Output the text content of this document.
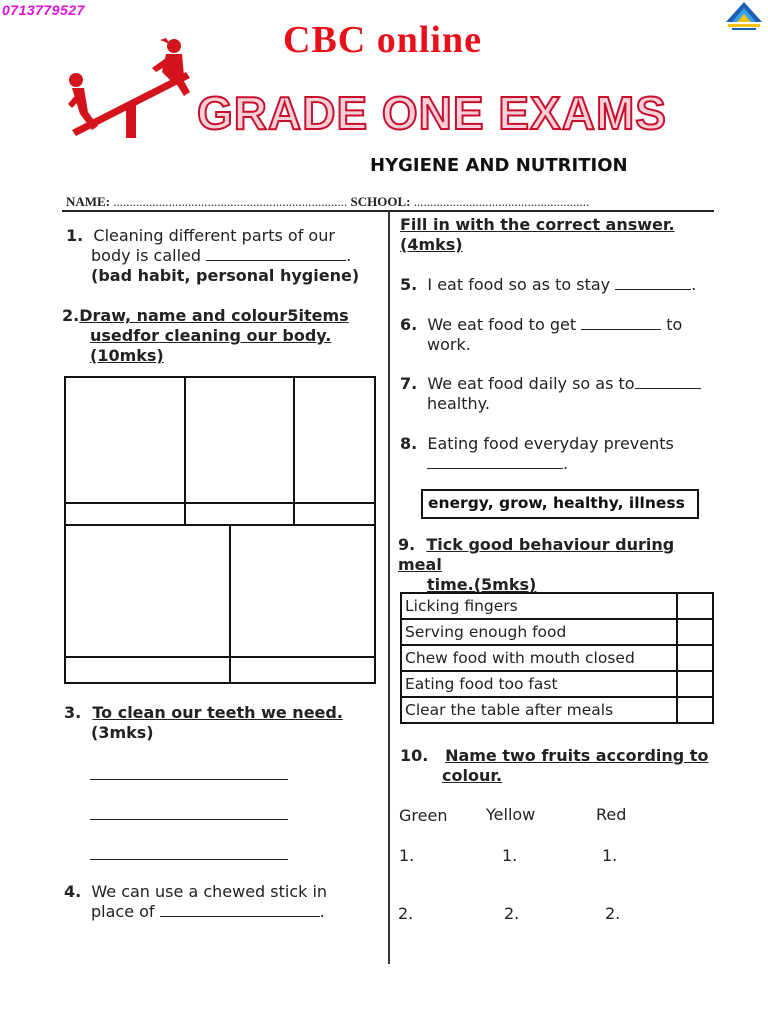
0713779527
CBC online
GRADE ONE EXAMS
HYGIENE AND NUTRITION
NAME: ........................................................................ SCHOOL: ......................................................
1. Cleaning different parts of our
body is called	.
(bad habit, personal hygiene)
2.Draw, name and colour5items
usedfor cleaning our body.
(10mks)
3. To clean our teeth we need.
(3mks)
4. We can use a chewed stick in
place of	.
Fill in with the correct answer.
(4mks)
5. I eat food so as to stay	.
6. We eat food to get	to
work.
7. We eat food daily so as to
healthy.
8. Eating food everyday prevents
.
energy, grow, healthy, illness
9. Tick good behaviour during meal
time.(5mks)
Licking fingers	
Serving enough food	
Chew food with mouth closed	
Eating food too fast	
Clear the table after meals	
10. Name two fruits according to
colour.
Green Yellow	Red
1.	1.	1.
2.	2.	2.
